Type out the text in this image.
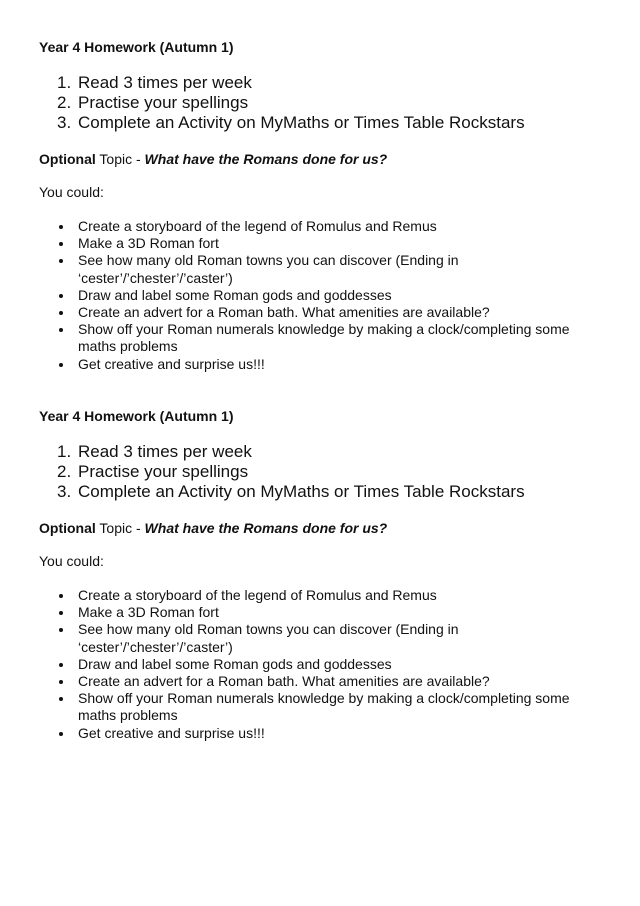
Year 4 Homework (Autumn 1)
1. Read 3 times per week
2. Practise your spellings
3. Complete an Activity on MyMaths or Times Table Rockstars
Optional Topic - What have the Romans done for us?
You could:
Create a storyboard of the legend of Romulus and Remus
Make a 3D Roman fort
See how many old Roman towns you can discover (Ending in ‘cester’/’chester’/’caster’)
Draw and label some Roman gods and goddesses
Create an advert for a Roman bath. What amenities are available?
Show off your Roman numerals knowledge by making a clock/completing some maths problems
Get creative and surprise us!!!
Year 4 Homework (Autumn 1)
1. Read 3 times per week
2. Practise your spellings
3. Complete an Activity on MyMaths or Times Table Rockstars
Optional Topic - What have the Romans done for us?
You could:
Create a storyboard of the legend of Romulus and Remus
Make a 3D Roman fort
See how many old Roman towns you can discover (Ending in ‘cester’/’chester’/’caster’)
Draw and label some Roman gods and goddesses
Create an advert for a Roman bath. What amenities are available?
Show off your Roman numerals knowledge by making a clock/completing some maths problems
Get creative and surprise us!!!
